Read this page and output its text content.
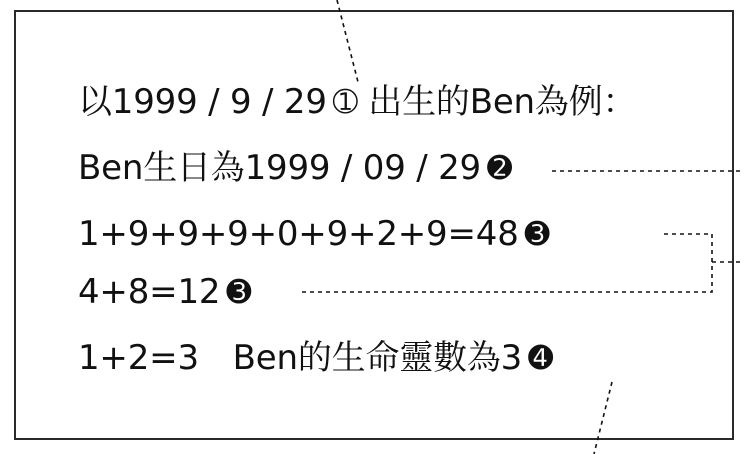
以1999 / 9 / 29 ➀ 出生的Ben為例：
Ben生日為1999 / 09 / 29 ➋
1+9+9+9+0+9+2+9=48 ➌
4+8=12 ➌
1+2=3　Ben的生命靈數為3 ➍
